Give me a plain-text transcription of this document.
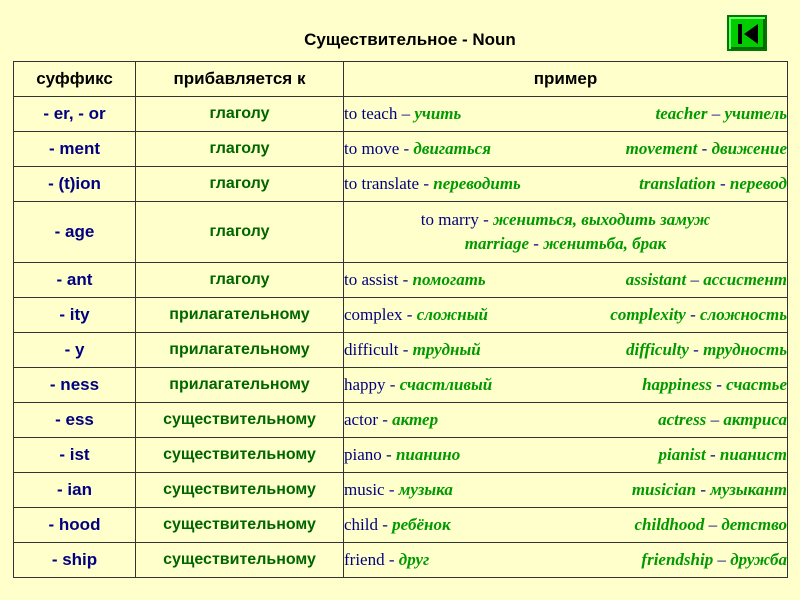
Существительное - Noun
суффикс	прибавляется к	пример
- er, - or	глаголу	to teach – учить teacher – учитель

- ment	глаголу	to move - двигаться movement - движение

- (t)ion	глаголу	to translate - переводить translation - перевод

- age	глаголу	to marry - жениться, выходить замуж
marriage - женитьба, брак

- ant	глаголу	to assist - помогать assistant – ассистент

- ity	прилагательному	complex - сложный complexity - сложность

- y	прилагательному	difficult - трудный difficulty - трудность

- ness	прилагательному	happy - счастливый happiness - счастье

- ess	существительному	actor - актер actress – актриса

- ist	существительному	piano - пианино pianist - пианист

- ian	существительному	music - музыка musician - музыкант

- hood	существительному	child - ребёнок childhood – детство

- ship	существительному	friend - друг friendship – дружба
